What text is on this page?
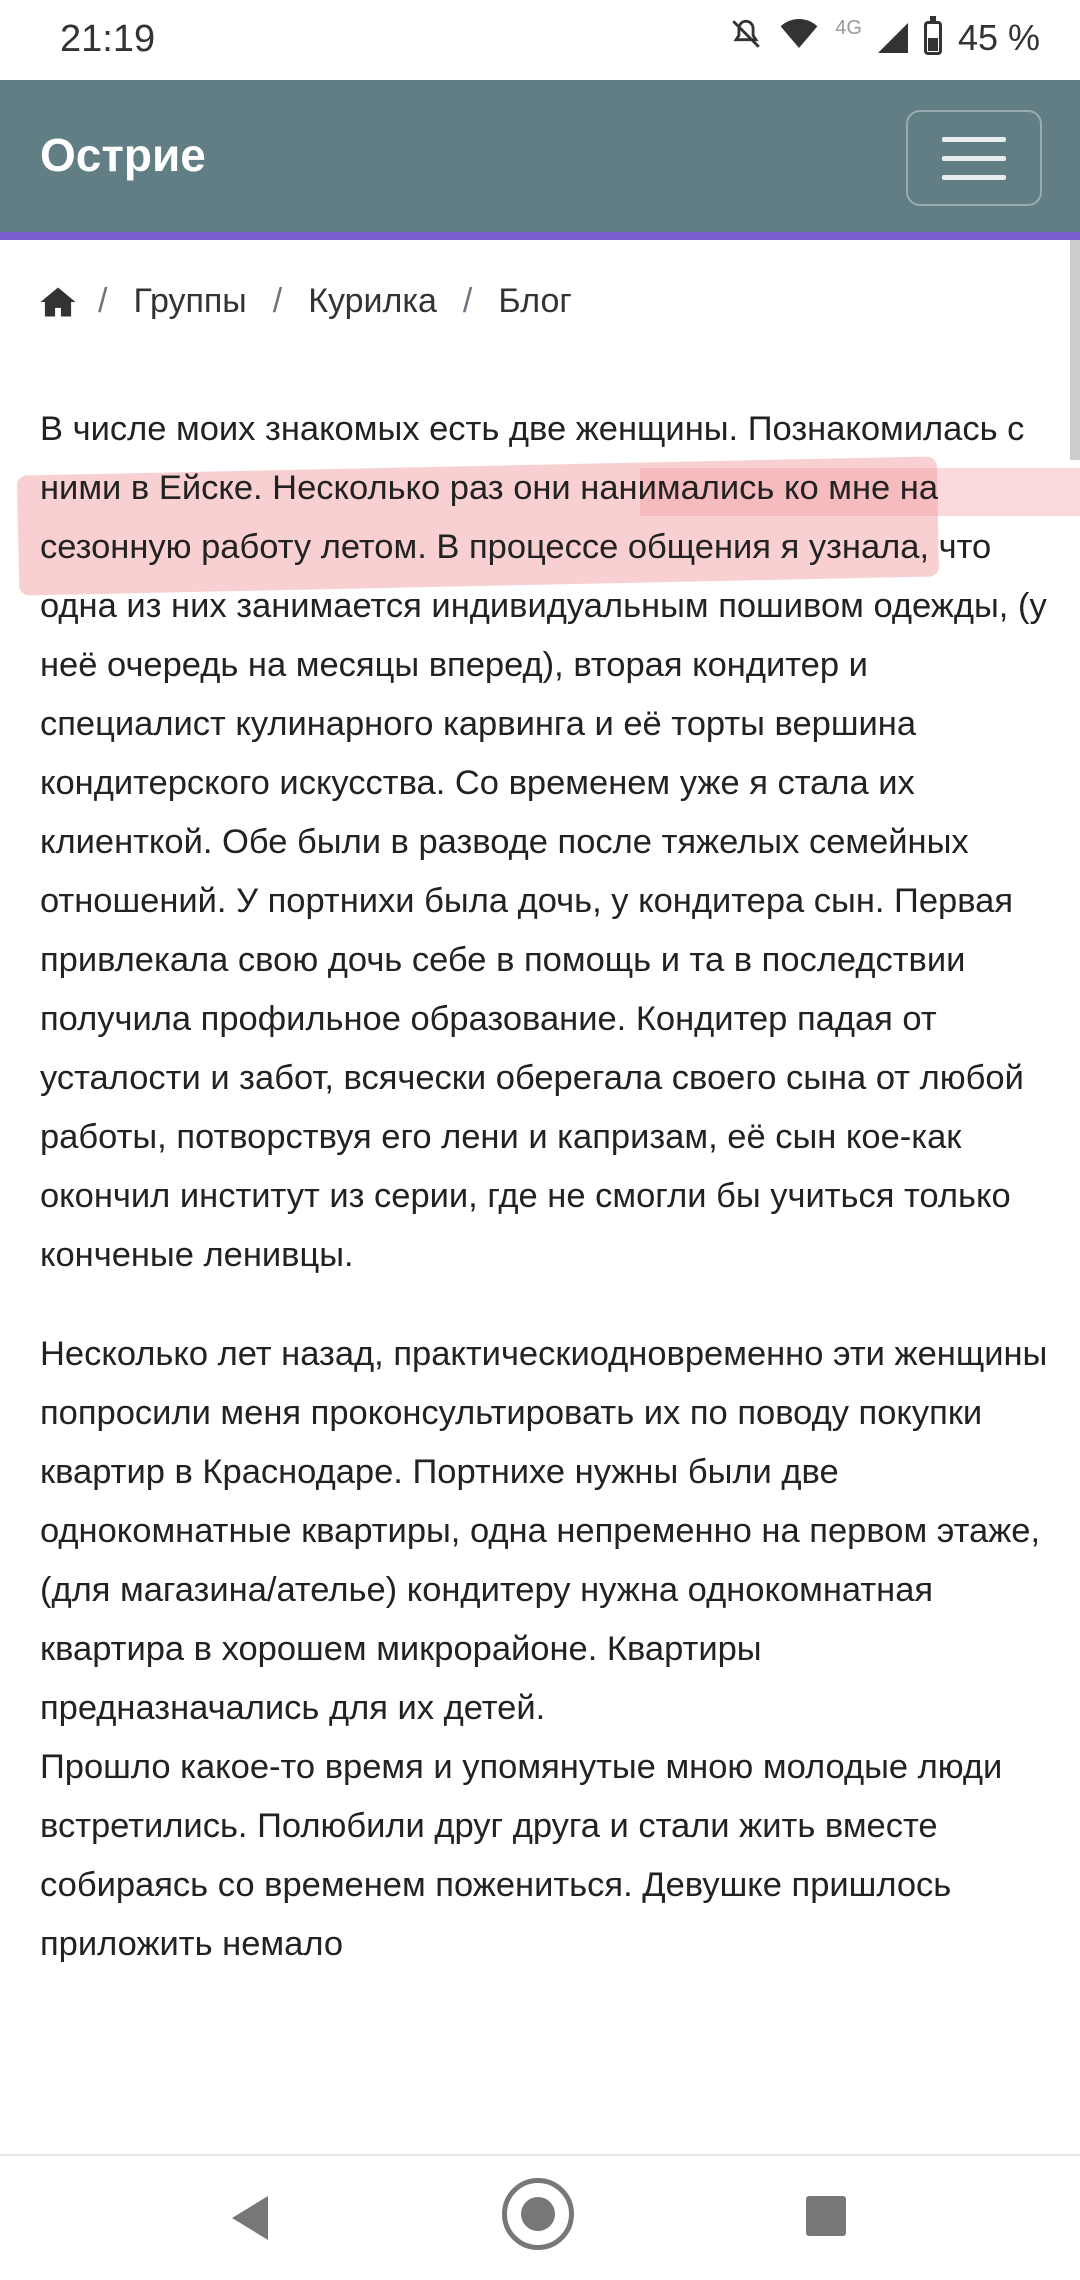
21:19	4G	45 %
Острие
/ Группы / Курилка / Блог

В числе моих знакомых есть две женщины. Познакомилась с ними в Ейске. Несколько раз они нанимались ко мне на сезонную работу летом. В процессе общения я узнала, что одна из них занимается индивидуальным пошивом одежды, (у неё очередь на месяцы вперед), вторая кондитер и специалист кулинарного карвинга и её торты вершина кондитерского искусства. Со временем уже я стала их клиенткой. Обе были в разводе после тяжелых семейных отношений. У портнихи была дочь, у кондитера сын. Первая привлекала свою дочь себе в помощь и та в последствии получила профильное образование. Кондитер падая от усталости и забот, всячески оберегала своего сына от любой работы, потворствуя его лени и капризам, её сын кое-как окончил институт из серии, где не смогли бы учиться только конченые ленивцы.

Несколько лет назад, практическиодновременно эти женщины попросили меня проконсультировать их по поводу покупки квартир в Краснодаре. Портнихе нужны были две однокомнатные квартиры, одна непременно на первом этаже, (для магазина/ателье) кондитеру нужна однокомнатная квартира в хорошем микрорайоне. Квартиры предназначались для их детей.

Прошло какое-то время и упомянутые мною молодые люди встретились. Полюбили друг друга и стали жить вместе собираясь со временем пожениться. Девушке пришлось приложить немало
